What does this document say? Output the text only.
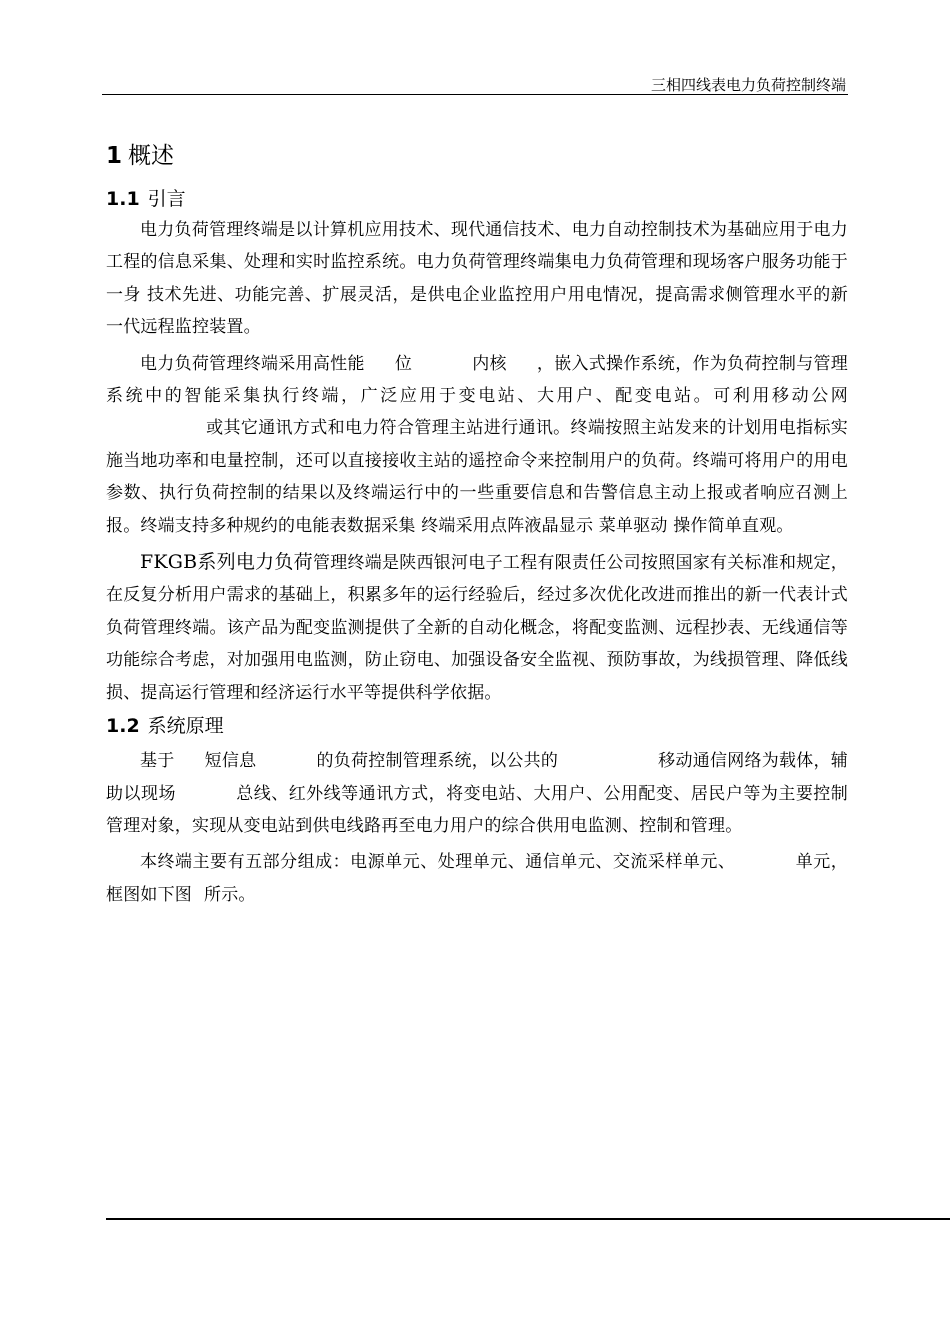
三相四线表电力负荷控制终端
1 概述
1.1 引言

电力负荷管理终端是以计算机应用技术、现代通信技术、电力自动控制技术为基础应用于电力工程的信息采集、处理和实时监控系统。电力负荷管理终端集电力负荷管理和现场客户服务功能于一身 技术先进、功能完善、扩展灵活，是供电企业监控用户用电情况，提高需求侧管理水平的新一代远程监控装置。

电力负荷管理终端采用高性能 位	内核 ，嵌入式操作系统，作为负荷控制与管理系统中的智能采集执行终端，广泛应用于变电站、大用户、配变电站。可利用移动公网或其它通讯方式和电力符合管理主站进行通讯。终端按照主站发来的计划用电指标实施当地功率和电量控制，还可以直接接收主站的遥控命令来控制用户的负荷。终端可将用户的用电参数、执行负荷控制的结果以及终端运行中的一些重要信息和告警信息主动上报或者响应召测上报。终端支持多种规约的电能表数据采集 终端采用点阵液晶显示 菜单驱动 操作简单直观。

FKGB系列电力负荷管理终端是陕西银河电子工程有限责任公司按照国家有关标准和规定，在反复分析用户需求的基础上，积累多年的运行经验后，经过多次优化改进而推出的新一代表计式负荷管理终端。该产品为配变监测提供了全新的自动化概念，将配变监测、远程抄表、无线通信等功能综合考虑，对加强用电监测，防止窃电、加强设备安全监视、预防事故，为线损管理、降低线损、提高运行管理和经济运行水平等提供科学依据。

1.2 系统原理

基于 短信息	的负荷控制管理系统，以公共的	移动通信网络为载体，辅助以现场	总线、红外线等通讯方式，将变电站、大用户、公用配变、居民户等为主要控制管理对象，实现从变电站到供电线路再至电力用户的综合供用电监测、控制和管理。

本终端主要有五部分组成：电源单元、处理单元、通信单元、交流采样单元、	单元，框图如下图 所示。
